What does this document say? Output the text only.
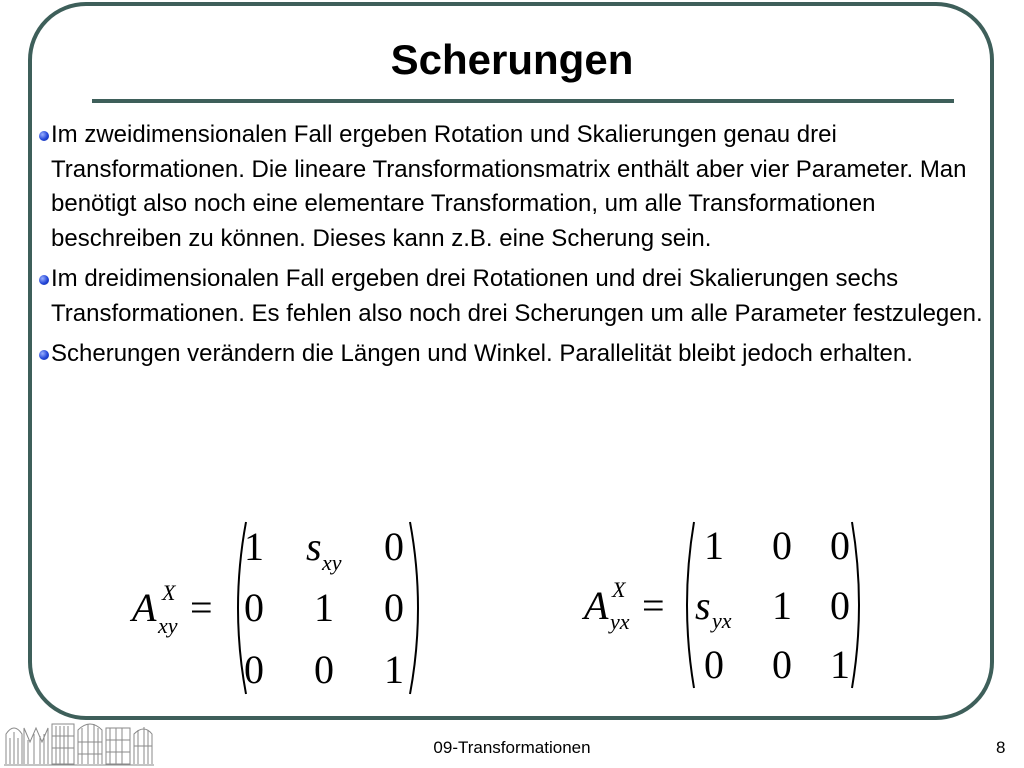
Scherungen
Im zweidimensionalen Fall ergeben Rotation und Skalierungen genau drei Transformationen. Die lineare Transformationsmatrix enthält aber vier Parameter. Man benötigt also noch eine elementare Transformation, um alle Transformationen beschreiben zu können. Dieses kann z.B. eine Scherung sein.
Im dreidimensionalen Fall ergeben drei Rotationen und drei Skalierungen sechs Transformationen. Es fehlen also noch drei Scherungen um alle Parameter festzulegen.
Scherungen verändern die Längen und Winkel. Parallelität bleibt jedoch erhalten.
A X
xy =
1 s xy 0
0 1 0
0 0 1
A X
yx =
1 0 0
s yx 1 0
0 0 1
09-Transformationen	8
